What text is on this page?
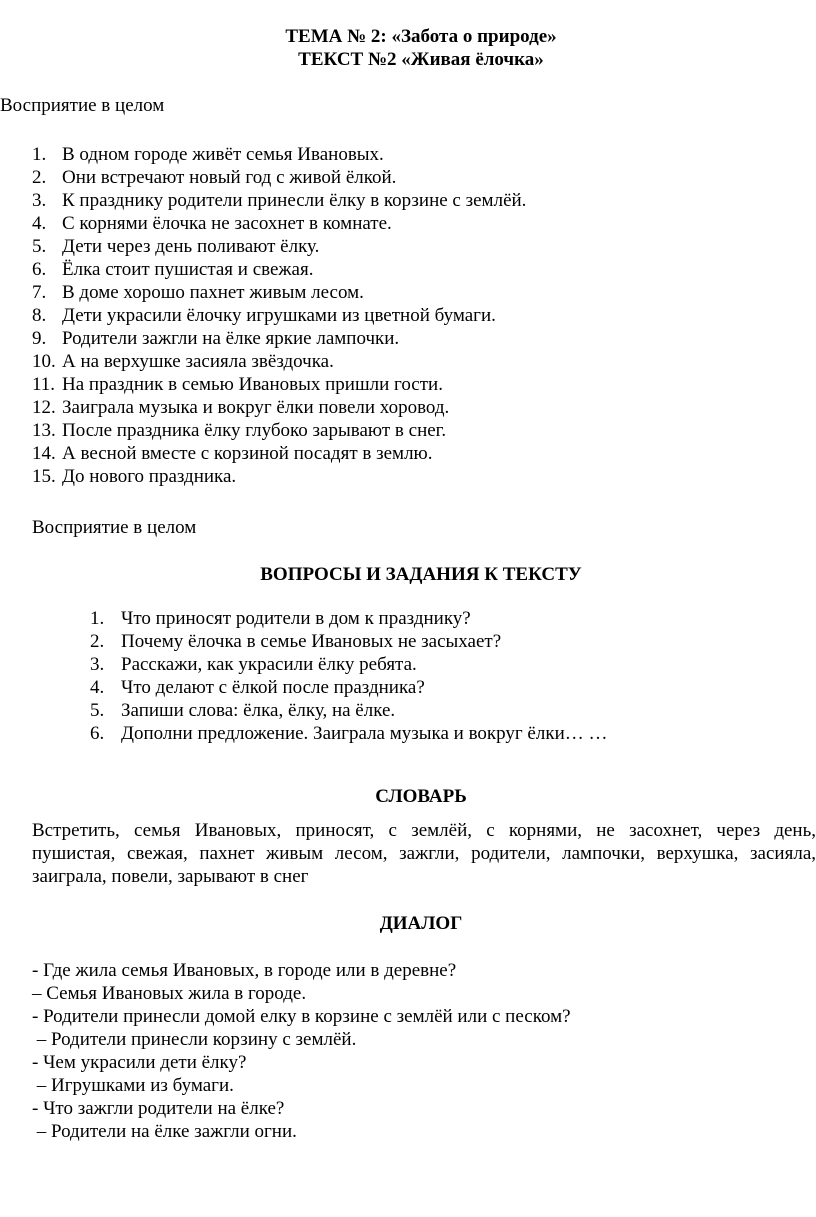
ТЕМА № 2: «Забота о природе»
ТЕКСТ №2 «Живая ёлочка»

Восприятие в целом

1. В одном городе живёт семья Ивановых.
2. Они встречают новый год с живой ёлкой.
3. К празднику родители принесли ёлку в корзине с землёй.
4. С корнями ёлочка не засохнет в комнате.
5. Дети через день поливают ёлку.
6. Ёлка стоит пушистая и свежая.
7. В доме хорошо пахнет живым лесом.
8. Дети украсили ёлочку игрушками из цветной бумаги.
9. Родители зажгли на ёлке яркие лампочки.
10. А на верхушке засияла звёздочка.
11. На праздник в семью Ивановых пришли гости.
12. Заиграла музыка и вокруг ёлки повели хоровод.
13. После праздника ёлку глубоко зарывают в снег.
14. А весной вместе с корзиной посадят в землю.
15. До нового праздника.

Восприятие в целом

ВОПРОСЫ И ЗАДАНИЯ К ТЕКСТУ
1. Что приносят родители в дом к празднику?
2. Почему ёлочка в семье Ивановых не засыхает?
3. Расскажи, как украсили ёлку ребята.
4. Что делают с ёлкой после праздника?
5. Запиши слова: ёлка, ёлку, на ёлке.
6. Дополни предложение. Заиграла музыка и вокруг ёлки… …
СЛОВАРЬ
Встретить, семья Ивановых, приносят, с землёй, с корнями, не засохнет, через день,
пушистая, свежая, пахнет живым лесом, зажгли, родители, лампочки, верхушка, засияла,
заиграла, повели, зарывают в снег
ДИАЛОГ
- Где жила семья Ивановых, в городе или в деревне?
– Семья Ивановых жила в городе.
- Родители принесли домой елку в корзине с землёй или с песком?
– Родители принесли корзину с землёй.
- Чем украсили дети ёлку?
– Игрушками из бумаги.
- Что зажгли родители на ёлке?
– Родители на ёлке зажгли огни.
